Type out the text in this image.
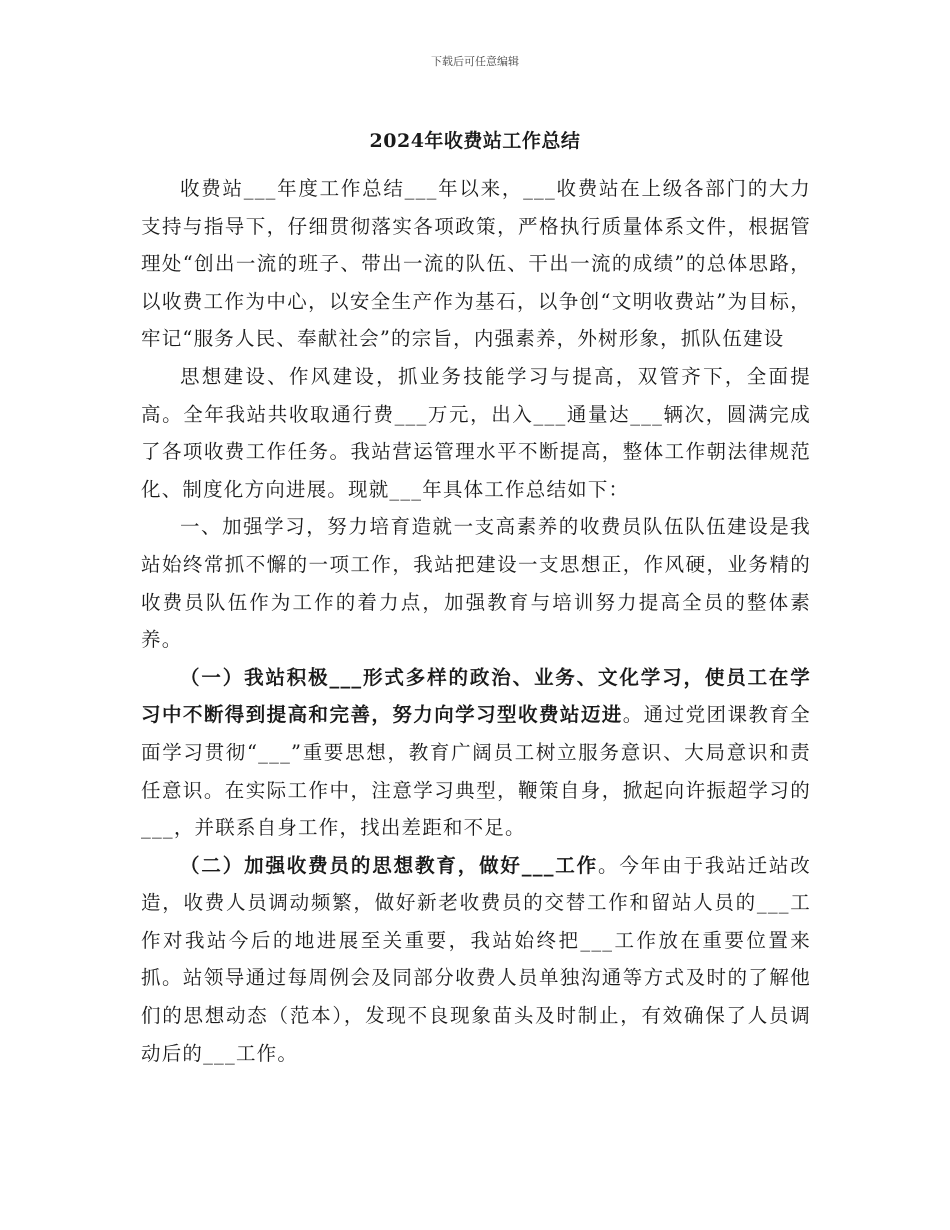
下载后可任意编辑
2024年收费站工作总结

收费站___年度工作总结___年以来，___收费站在上级各部门的大力支持与指导下，仔细贯彻落实各项政策，严格执行质量体系文件，根据管理处“创出一流的班子、带出一流的队伍、干出一流的成绩”的总体思路，以收费工作为中心，以安全生产作为基石，以争创“文明收费站”为目标，牢记“服务人民、奉献社会”的宗旨，内强素养，外树形象，抓队伍建设

思想建设、作风建设，抓业务技能学习与提高，双管齐下，全面提高。全年我站共收取通行费___万元，出入___通量达___辆次，圆满完成了各项收费工作任务。我站营运管理水平不断提高，整体工作朝法律规范化、制度化方向进展。现就___年具体工作总结如下：

一、加强学习，努力培育造就一支高素养的收费员队伍队伍建设是我站始终常抓不懈的一项工作，我站把建设一支思想正，作风硬，业务精的收费员队伍作为工作的着力点，加强教育与培训努力提高全员的整体素养。

（一）我站积极___形式多样的政治、业务、文化学习，使员工在学习中不断得到提高和完善，努力向学习型收费站迈进。通过党团课教育全面学习贯彻“___”重要思想，教育广阔员工树立服务意识、大局意识和责任意识。在实际工作中，注意学习典型，鞭策自身，掀起向许振超学习的___，并联系自身工作，找出差距和不足。

（二）加强收费员的思想教育，做好___工作。今年由于我站迁站改造，收费人员调动频繁，做好新老收费员的交替工作和留站人员的___工作对我站今后的地进展至关重要，我站始终把___工作放在重要位置来抓。站领导通过每周例会及同部分收费人员单独沟通等方式及时的了解他们的思想动态（范本），发现不良现象苗头及时制止，有效确保了人员调动后的___工作。
